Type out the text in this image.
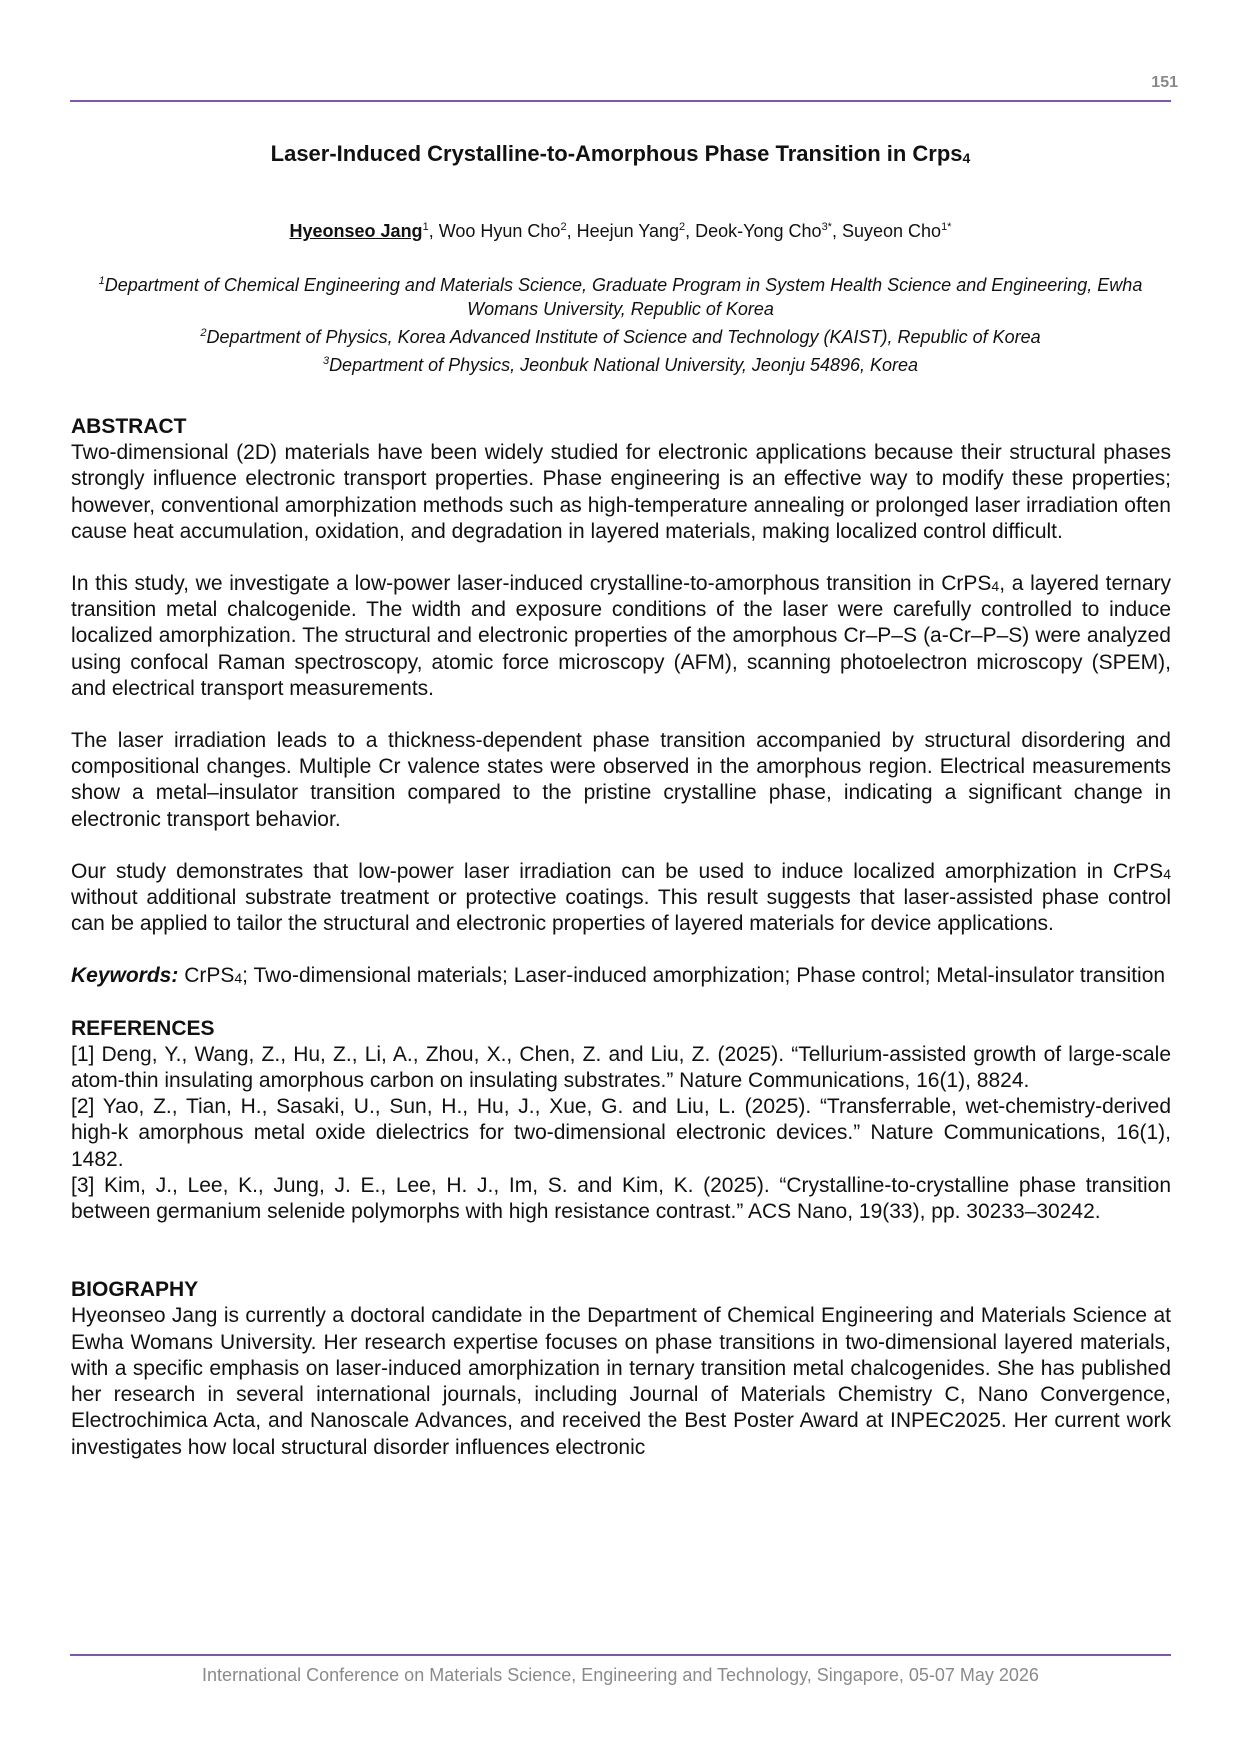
151
Laser-Induced Crystalline-to-Amorphous Phase Transition in Crps$_4$
Hyeonseo Jang$^1$, Woo Hyun Cho$^2$, Heejun Yang$^2$, Deok-Yong Cho$^{3*}$, Suyeon Cho$^{1*}$

$^1$Department of Chemical Engineering and Materials Science, Graduate Program in System Health Science and Engineering, Ewha Womans University, Republic of Korea

$^2$Department of Physics, Korea Advanced Institute of Science and Technology (KAIST), Republic of Korea

$^3$Department of Physics, Jeonbuk National University, Jeonju 54896, Korea

ABSTRACT

Two-dimensional (2D) materials have been widely studied for electronic applications because their structural phases strongly influence electronic transport properties. Phase engineering is an effective way to modify these properties; however, conventional amorphization methods such as high-temperature annealing or prolonged laser irradiation often cause heat accumulation, oxidation, and degradation in layered materials, making localized control difficult.

In this study, we investigate a low-power laser-induced crystalline-to-amorphous transition in CrPS$_4$, a layered ternary transition metal chalcogenide. The width and exposure conditions of the laser were carefully controlled to induce localized amorphization. The structural and electronic properties of the amorphous Cr–P–S (a-Cr–P–S) were analyzed using confocal Raman spectroscopy, atomic force microscopy (AFM), scanning photoelectron microscopy (SPEM), and electrical transport measurements.

The laser irradiation leads to a thickness-dependent phase transition accompanied by structural disordering and compositional changes. Multiple Cr valence states were observed in the amorphous region. Electrical measurements show a metal–insulator transition compared to the pristine crystalline phase, indicating a significant change in electronic transport behavior.

Our study demonstrates that low-power laser irradiation can be used to induce localized amorphization in CrPS$_4$ without additional substrate treatment or protective coatings. This result suggests that laser-assisted phase control can be applied to tailor the structural and electronic properties of layered materials for device applications.

Keywords: CrPS$_4$; Two-dimensional materials; Laser-induced amorphization; Phase control; Metal-insulator transition

REFERENCES

[1] Deng, Y., Wang, Z., Hu, Z., Li, A., Zhou, X., Chen, Z. and Liu, Z. (2025). “Tellurium-assisted growth of large-scale atom-thin insulating amorphous carbon on insulating substrates.” Nature Communications, 16(1), 8824.

[2] Yao, Z., Tian, H., Sasaki, U., Sun, H., Hu, J., Xue, G. and Liu, L. (2025). “Transferrable, wet-chemistry-derived high-k amorphous metal oxide dielectrics for two-dimensional electronic devices.” Nature Communications, 16(1), 1482.

[3] Kim, J., Lee, K., Jung, J. E., Lee, H. J., Im, S. and Kim, K. (2025). “Crystalline-to-crystalline phase transition between germanium selenide polymorphs with high resistance contrast.” ACS Nano, 19(33), pp. 30233–30242.

BIOGRAPHY

Hyeonseo Jang is currently a doctoral candidate in the Department of Chemical Engineering and Materials Science at Ewha Womans University. Her research expertise focuses on phase transitions in two-dimensional layered materials, with a specific emphasis on laser-induced amorphization in ternary transition metal chalcogenides. She has published her research in several international journals, including Journal of Materials Chemistry C, Nano Convergence, Electrochimica Acta, and Nanoscale Advances, and received the Best Poster Award at INPEC2025. Her current work investigates how local structural disorder influences electronic

International Conference on Materials Science, Engineering and Technology, Singapore, 05-07 May 2026
